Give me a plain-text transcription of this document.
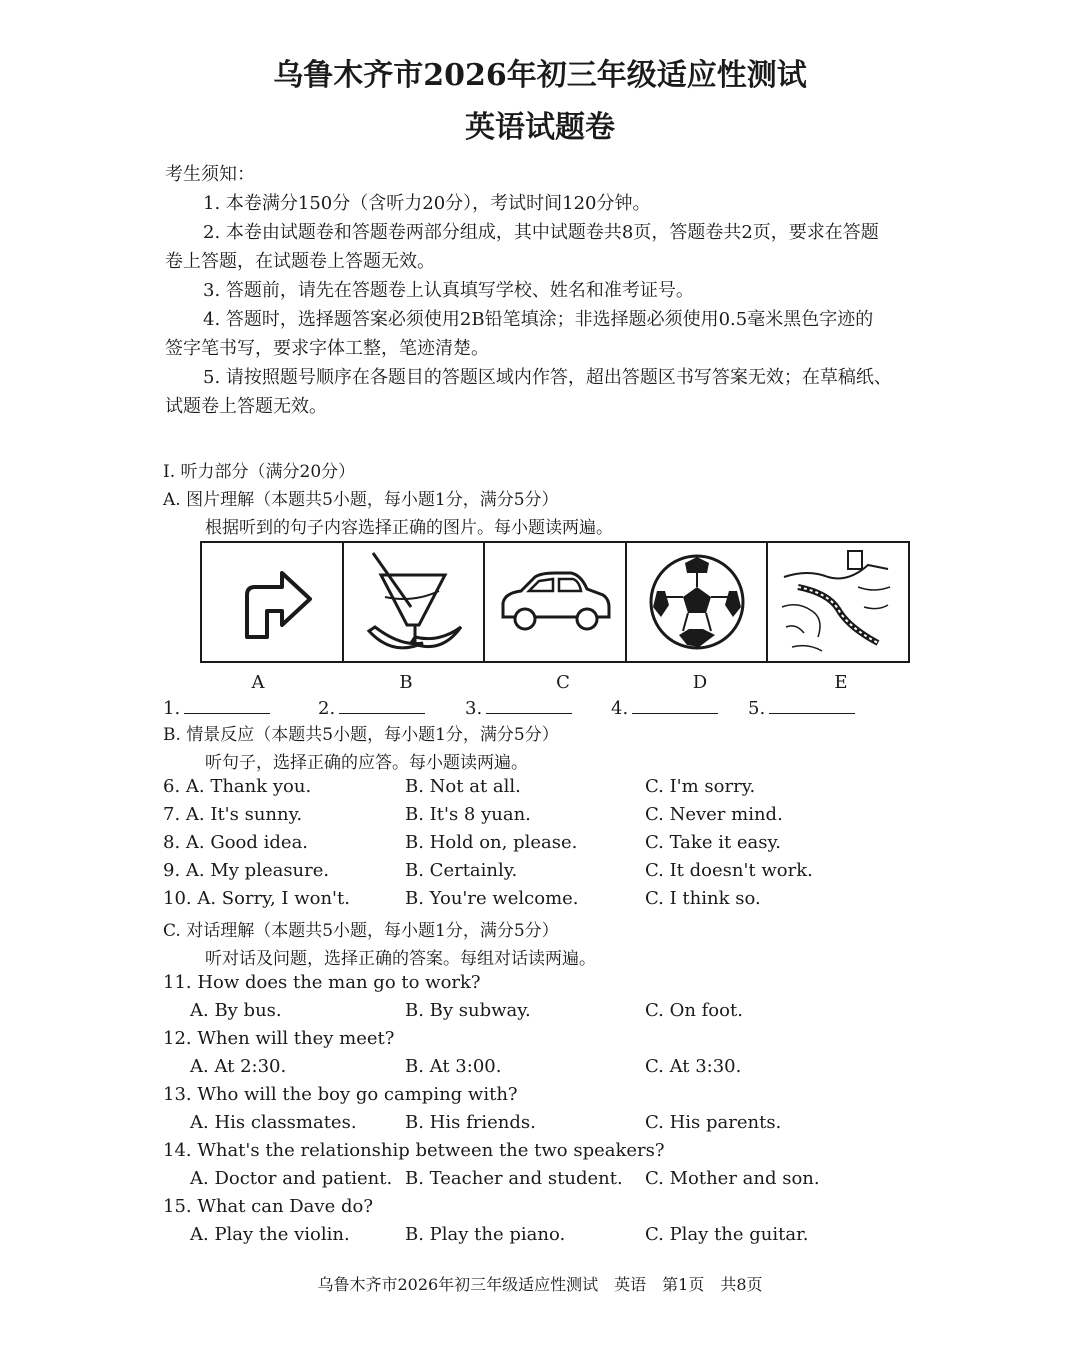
乌鲁木齐市2026年初三年级适应性测试
英语试题卷
考生须知：
1. 本卷满分150分（含听力20分），考试时间120分钟。
2. 本卷由试题卷和答题卷两部分组成，其中试题卷共8页，答题卷共2页，要求在答题
卷上答题，在试题卷上答题无效。
3. 答题前，请先在答题卷上认真填写学校、姓名和准考证号。
4. 答题时，选择题答案必须使用2B铅笔填涂；非选择题必须使用0.5毫米黑色字迹的
签字笔书写，要求字体工整，笔迹清楚。
5. 请按照题号顺序在各题目的答题区域内作答，超出答题区书写答案无效；在草稿纸、
试题卷上答题无效。
I. 听力部分（满分20分）
A. 图片理解（本题共5小题，每小题1分，满分5分）
根据听到的句子内容选择正确的图片。每小题读两遍。
A	B	C	D	E
1.	2.	3.	4.	5.
B. 情景反应（本题共5小题，每小题1分，满分5分）
听句子，选择正确的应答。每小题读两遍。
6. A. Thank you.	B. Not at all.	C. I'm sorry.
7. A. It's sunny.	B. It's 8 yuan.	C. Never mind.
8. A. Good idea.	B. Hold on, please.	C. Take it easy.
9. A. My pleasure.	B. Certainly.	C. It doesn't work.
10. A. Sorry, I won't.	B. You're welcome.	C. I think so.
C. 对话理解（本题共5小题，每小题1分，满分5分）
听对话及问题，选择正确的答案。每组对话读两遍。
11. How does the man go to work?
A. By bus.	B. By subway.	C. On foot.
12. When will they meet?
A. At 2:30.	B. At 3:00.	C. At 3:30.
13. Who will the boy go camping with?
A. His classmates.	B. His friends.	C. His parents.
14. What's the relationship between the two speakers?
A. Doctor and patient. B. Teacher and student. C. Mother and son.
15. What can Dave do?
A. Play the violin.	B. Play the piano.	C. Play the guitar.
乌鲁木齐市2026年初三年级适应性测试　英语　第1页　共8页
